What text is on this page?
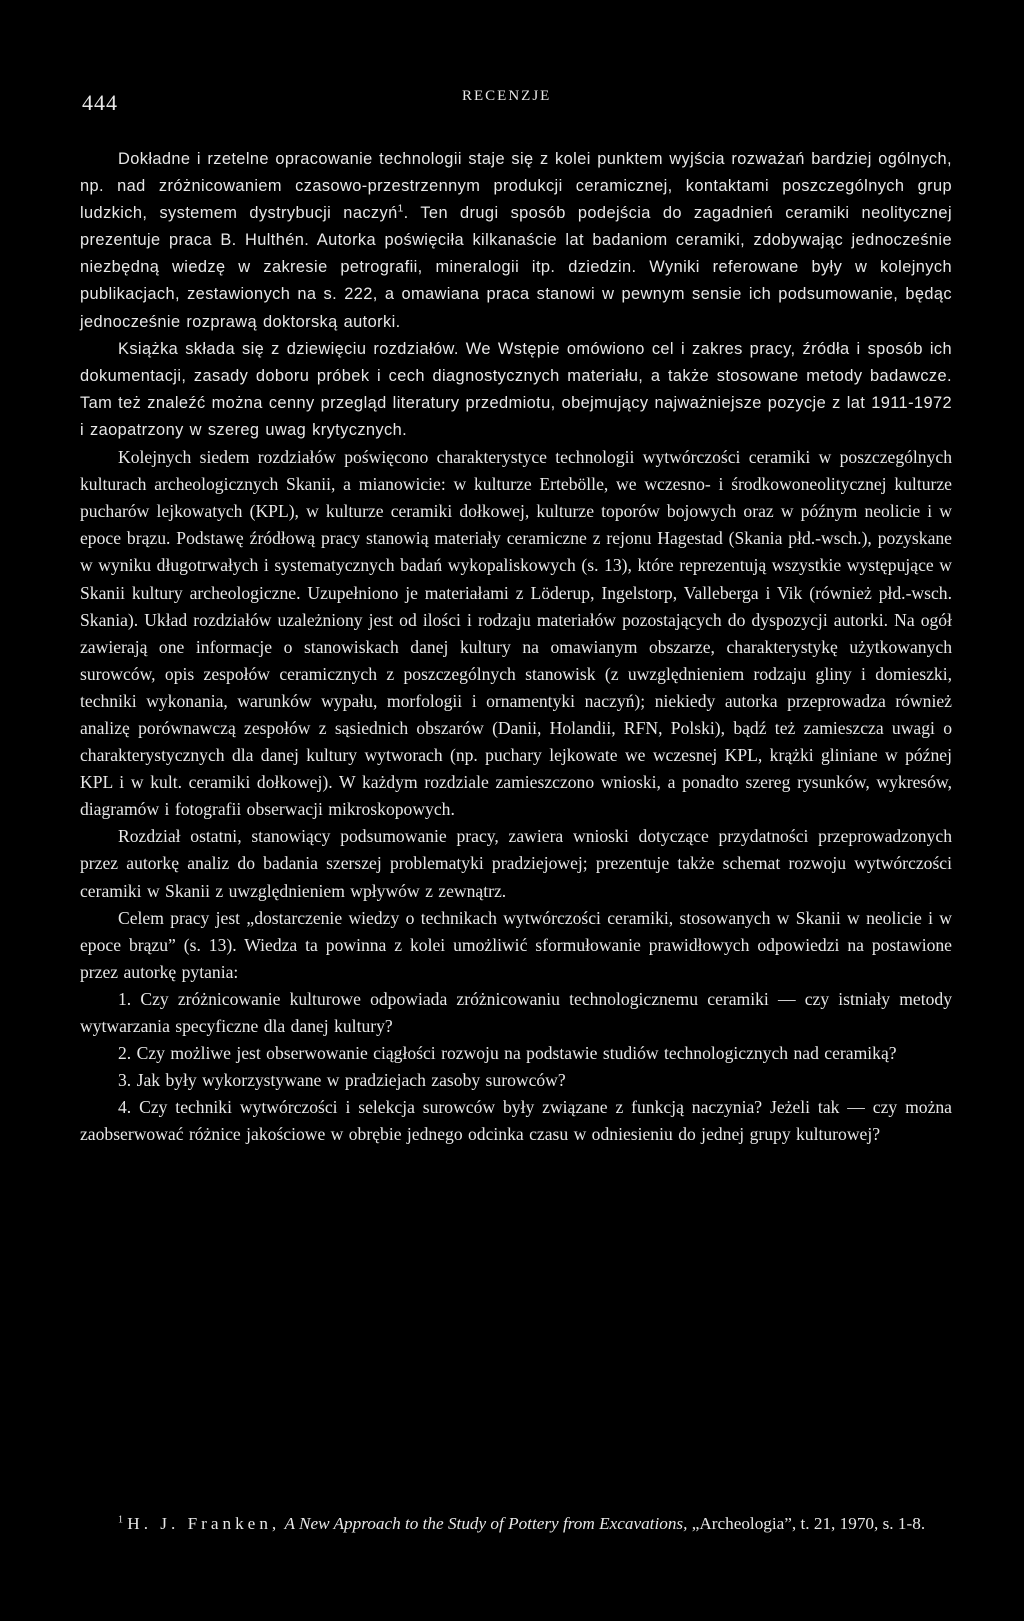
444	RECENZJE

Dokładne i rzetelne opracowanie technologii staje się z kolei punktem wyjścia rozważań bardziej ogólnych, np. nad zróżnicowaniem czasowo-przestrzennym produkcji ceramicznej, kontaktami poszczególnych grup ludzkich, systemem dystrybucji naczyń$^1$. Ten drugi sposób podejścia do zagadnień ceramiki neolitycznej prezentuje praca B. Hulthén. Autorka poświęciła kilkanaście lat badaniom ceramiki, zdobywając jednocześnie niezbędną wiedzę w zakresie petrografii, mineralogii itp. dziedzin. Wyniki referowane były w kolejnych publikacjach, zestawionych na s. 222, a omawiana praca stanowi w pewnym sensie ich podsumowanie, będąc jednocześnie rozprawą doktorską autorki.

Książka składa się z dziewięciu rozdziałów. We Wstępie omówiono cel i zakres pracy, źródła i sposób ich dokumentacji, zasady doboru próbek i cech diagnostycznych materiału, a także stosowane metody badawcze. Tam też znaleźć można cenny przegląd literatury przedmiotu, obejmujący najważniejsze pozycje z lat 1911-1972 i zaopatrzony w szereg uwag krytycznych.

Kolejnych siedem rozdziałów poświęcono charakterystyce technologii wytwórczości ceramiki w poszczególnych kulturach archeologicznych Skanii, a mianowicie: w kulturze Ertebölle, we wczesno- i środkowoneolitycznej kulturze pucharów lejkowatych (KPL), w kulturze ceramiki dołkowej, kulturze toporów bojowych oraz w późnym neolicie i w epoce brązu. Podstawę źródłową pracy stanowią materiały ceramiczne z rejonu Hagestad (Skania płd.-wsch.), pozyskane w wyniku długotrwałych i systematycznych badań wykopaliskowych (s. 13), które reprezentują wszystkie występujące w Skanii kultury archeologiczne. Uzupełniono je materiałami z Löderup, Ingelstorp, Valleberga i Vik (również płd.-wsch. Skania). Układ rozdziałów uzależniony jest od ilości i rodzaju materiałów pozostających do dyspozycji autorki. Na ogół zawierają one informacje o stanowiskach danej kultury na omawianym obszarze, charakterystykę użytkowanych surowców, opis zespołów ceramicznych z poszczególnych stanowisk (z uwzględnieniem rodzaju gliny i domieszki, techniki wykonania, warunków wypału, morfologii i ornamentyki naczyń); niekiedy autorka przeprowadza również analizę porównawczą zespołów z sąsiednich obszarów (Danii, Holandii, RFN, Polski), bądź też zamieszcza uwagi o charakterystycznych dla danej kultury wytworach (np. puchary lejkowate we wczesnej KPL, krążki gliniane w późnej KPL i w kult. ceramiki dołkowej). W każdym rozdziale zamieszczono wnioski, a ponadto szereg rysunków, wykresów, diagramów i fotografii obserwacji mikroskopowych.

Rozdział ostatni, stanowiący podsumowanie pracy, zawiera wnioski dotyczące przydatności przeprowadzonych przez autorkę analiz do badania szerszej problematyki pradziejowej; prezentuje także schemat rozwoju wytwórczości ceramiki w Skanii z uwzględnieniem wpływów z zewnątrz.

Celem pracy jest „dostarczenie wiedzy o technikach wytwórczości ceramiki, stosowanych w Skanii w neolicie i w epoce brązu” (s. 13). Wiedza ta powinna z kolei umożliwić sformułowanie prawidłowych odpowiedzi na postawione przez autorkę pytania:

1. Czy zróżnicowanie kulturowe odpowiada zróżnicowaniu technologicznemu ceramiki — czy istniały metody wytwarzania specyficzne dla danej kultury?

2. Czy możliwe jest obserwowanie ciągłości rozwoju na podstawie studiów technologicznych nad ceramiką?

3. Jak były wykorzystywane w pradziejach zasoby surowców?

4. Czy techniki wytwórczości i selekcja surowców były związane z funkcją naczynia? Jeżeli tak — czy można zaobserwować różnice jakościowe w obrębie jednego odcinka czasu w odniesieniu do jednej grupy kulturowej?

$^1$ H. J. Franken, A New Approach to the Study of Pottery from Excavations, „Archeologia”, t. 21, 1970, s. 1-8.
